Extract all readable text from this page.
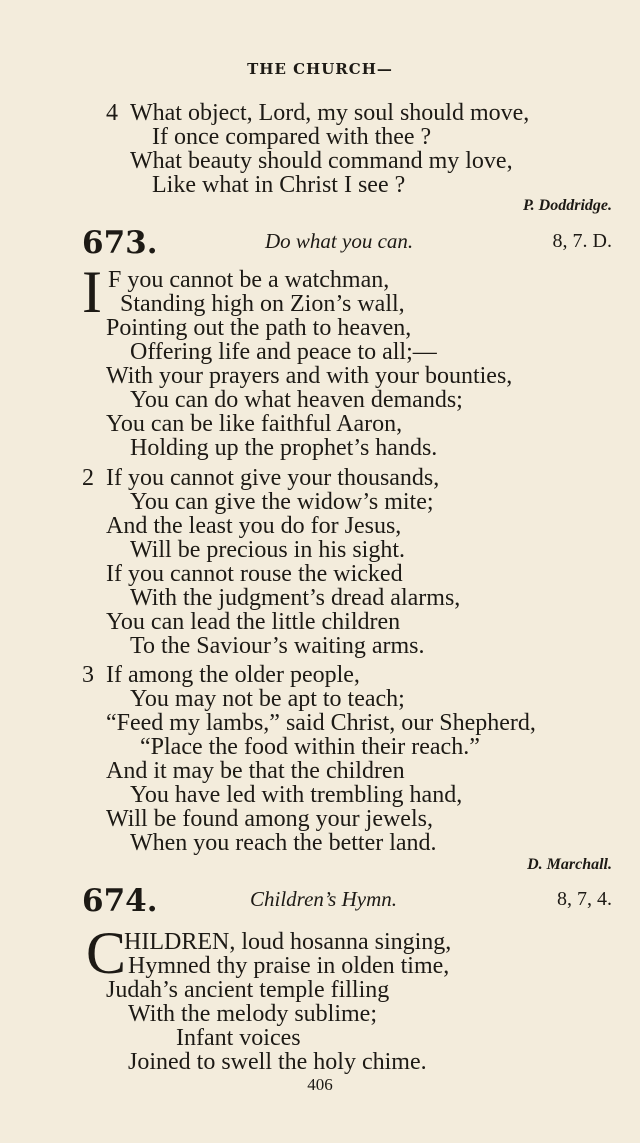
THE CHURCH—
4 What object, Lord, my soul should move,
If once compared with thee ?
What beauty should command my love,
Like what in Christ I see ?
P. Doddridge.
673.	Do what you can.	8, 7. D.
I F you cannot be a watchman,
Standing high on Zion’s wall,
Pointing out the path to heaven,
Offering life and peace to all;—
With your prayers and with your bounties,
You can do what heaven demands;
You can be like faithful Aaron,
Holding up the prophet’s hands.
2 If you cannot give your thousands,
You can give the widow’s mite;
And the least you do for Jesus,
Will be precious in his sight.
If you cannot rouse the wicked
With the judgment’s dread alarms,
You can lead the little children
To the Saviour’s waiting arms.
3 If among the older people,
You may not be apt to teach;
“Feed my lambs,” said Christ, our Shepherd,
“Place the food within their reach.”
And it may be that the children
You have led with trembling hand,
Will be found among your jewels,
When you reach the better land.
D. Marchall.
674.	Children’s Hymn.	8, 7, 4.
C
HILDREN, loud hosanna singing,
Hymned thy praise in olden time,
Judah’s ancient temple filling
With the melody sublime;
Infant voices
Joined to swell the holy chime.
406
